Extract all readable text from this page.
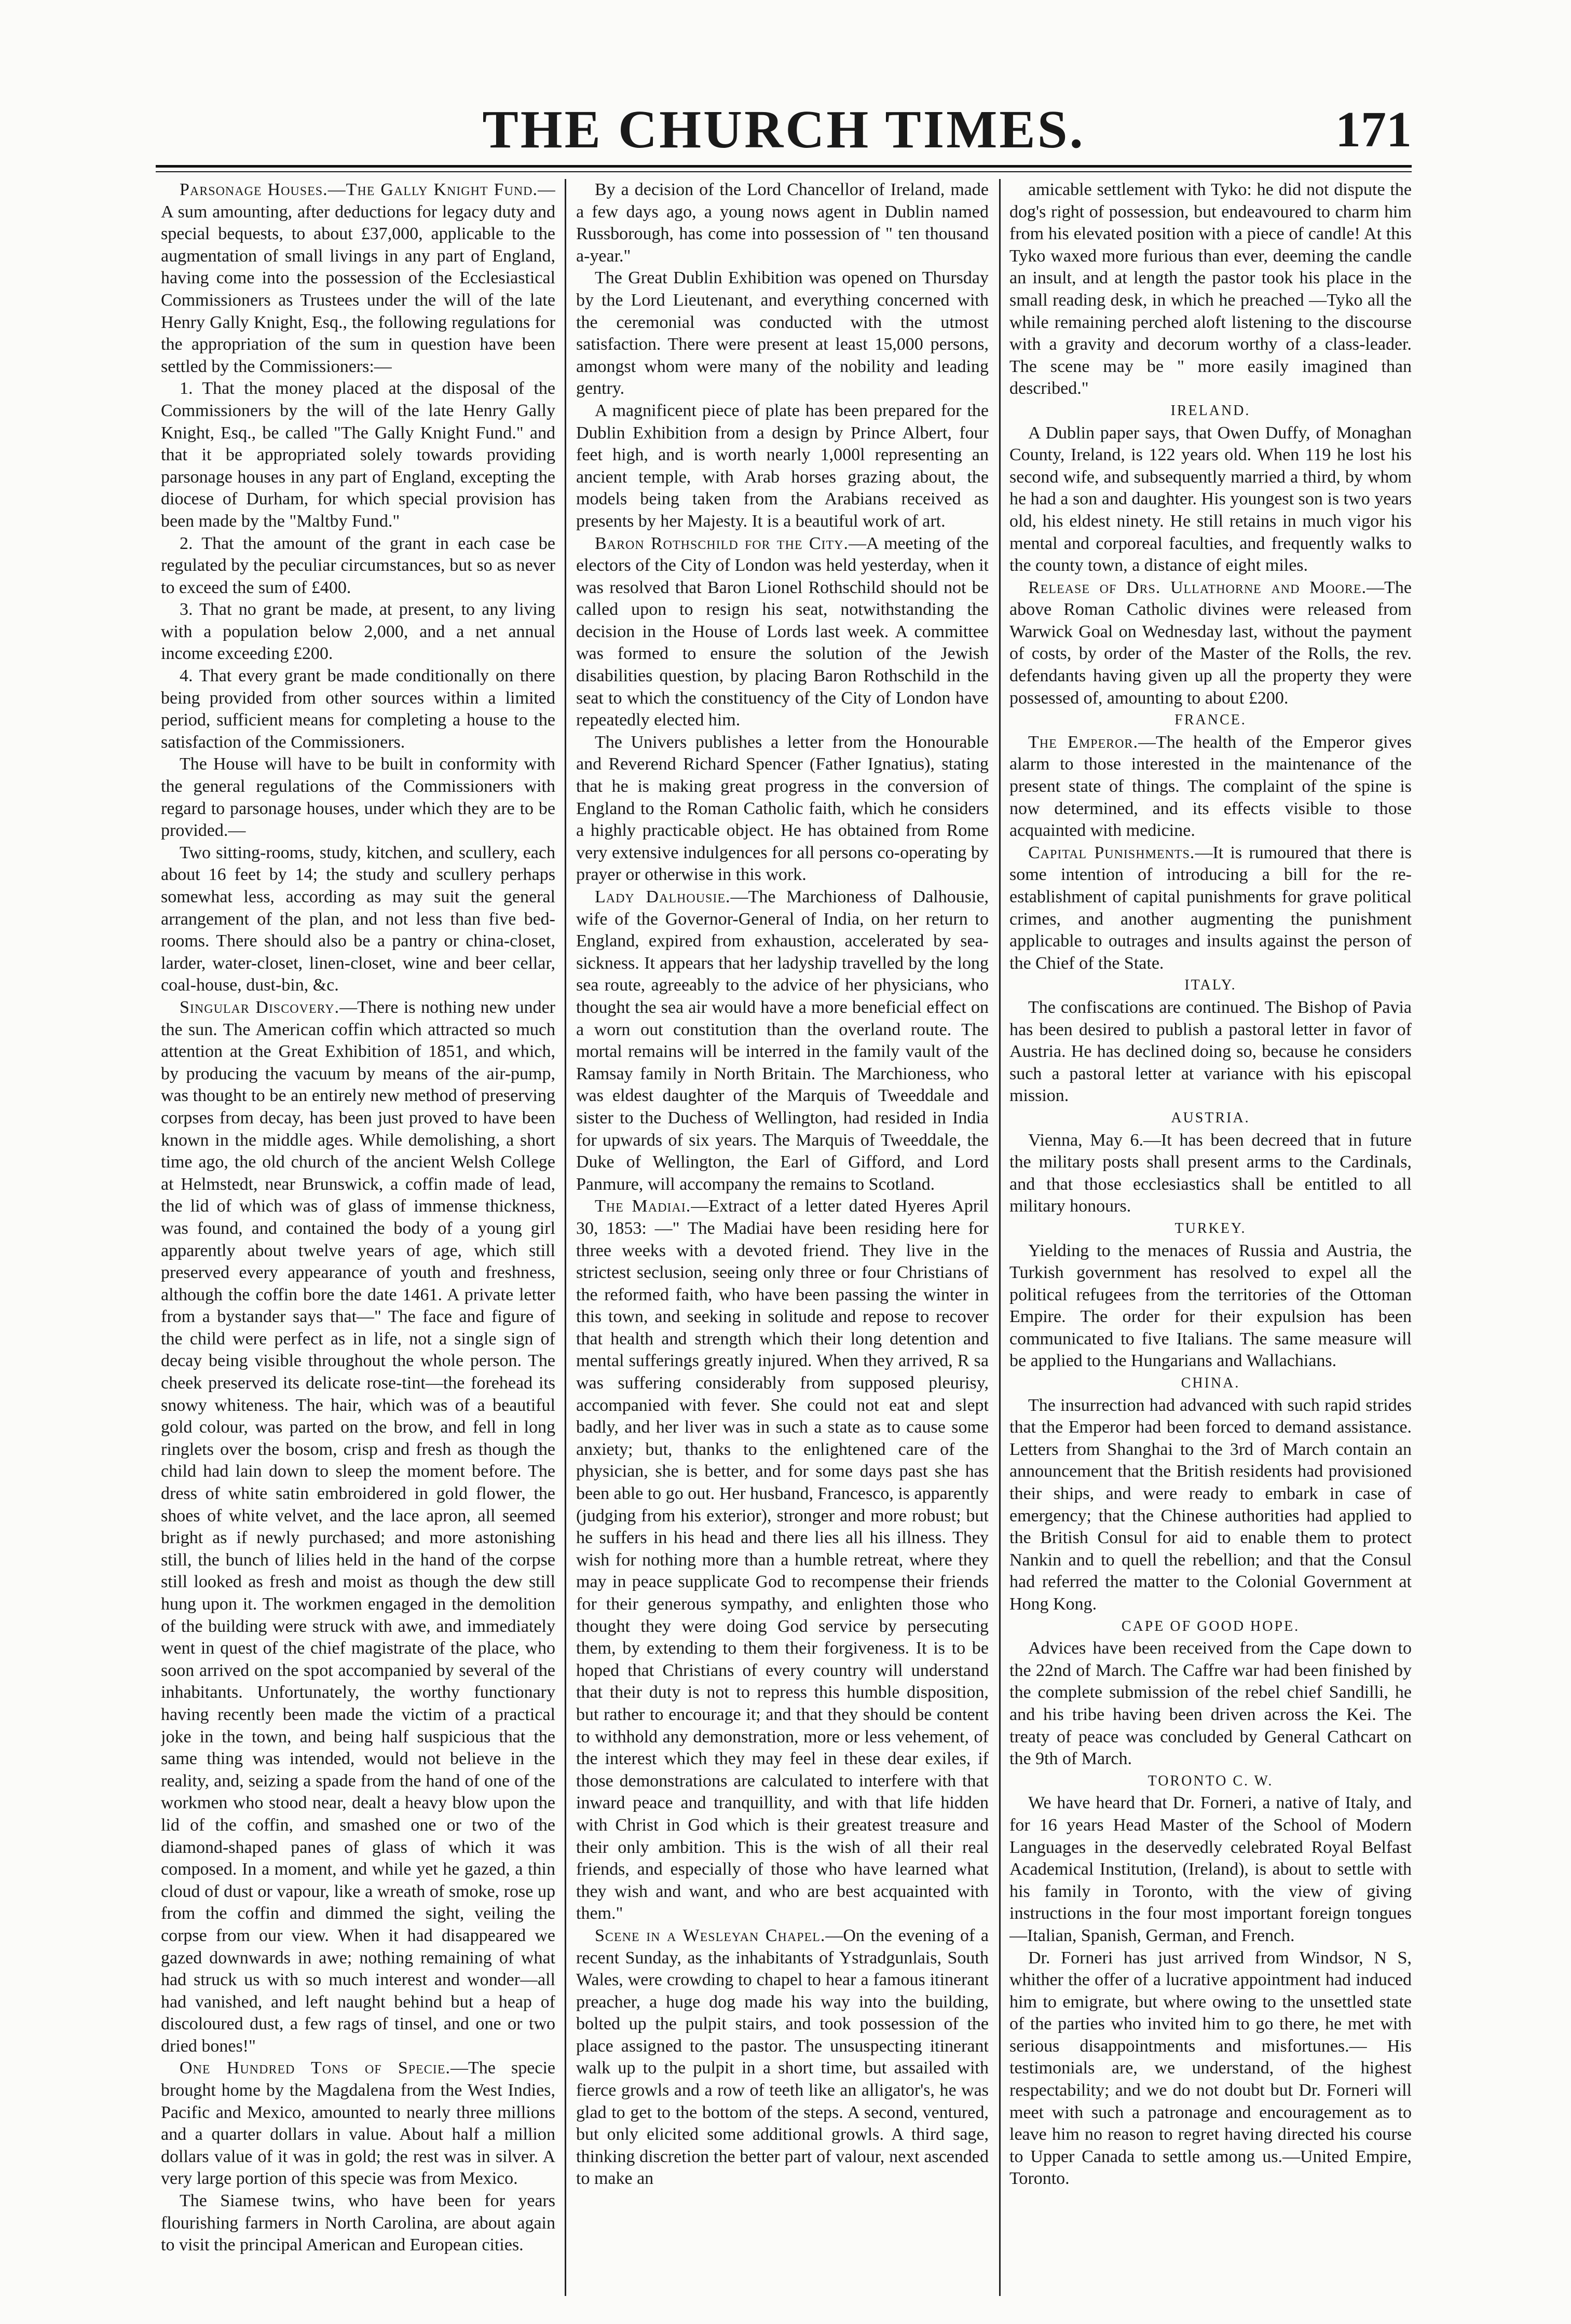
THE CHURCH TIMES.	171

Parsonage Houses.—The Gally Knight Fund.—A sum amounting, after deductions for legacy duty and special bequests, to about £37,000, applicable to the augmentation of small livings in any part of England, having come into the possession of the Ecclesiastical Commissioners as Trustees under the will of the late Henry Gally Knight, Esq., the following regulations for the appropriation of the sum in question have been settled by the Commissioners:—

1. That the money placed at the disposal of the Commissioners by the will of the late Henry Gally Knight, Esq., be called "The Gally Knight Fund." and that it be appropriated solely towards providing parsonage houses in any part of England, excepting the diocese of Durham, for which special provision has been made by the "Maltby Fund."

2. That the amount of the grant in each case be regulated by the peculiar circumstances, but so as never to exceed the sum of £400.

3. That no grant be made, at present, to any living with a population below 2,000, and a net annual income exceeding £200.

4. That every grant be made conditionally on there being provided from other sources within a limited period, sufficient means for completing a house to the satisfaction of the Commissioners.

The House will have to be built in conformity with the general regulations of the Commissioners with regard to parsonage houses, under which they are to be provided.—

Two sitting-rooms, study, kitchen, and scullery, each about 16 feet by 14; the study and scullery perhaps somewhat less, according as may suit the general arrangement of the plan, and not less than five bed-rooms. There should also be a pantry or china-closet, larder, water-closet, linen-closet, wine and beer cellar, coal-house, dust-bin, &c.

Singular Discovery.—There is nothing new under the sun. The American coffin which attracted so much attention at the Great Exhibition of 1851, and which, by producing the vacuum by means of the air-pump, was thought to be an entirely new method of preserving corpses from decay, has been just proved to have been known in the middle ages. While demolishing, a short time ago, the old church of the ancient Welsh College at Helmstedt, near Brunswick, a coffin made of lead, the lid of which was of glass of immense thickness, was found, and contained the body of a young girl apparently about twelve years of age, which still preserved every appearance of youth and freshness, although the coffin bore the date 1461. A private letter from a bystander says that—" The face and figure of the child were perfect as in life, not a single sign of decay being visible throughout the whole person. The cheek preserved its delicate rose-tint—the forehead its snowy whiteness. The hair, which was of a beautiful gold colour, was parted on the brow, and fell in long ringlets over the bosom, crisp and fresh as though the child had lain down to sleep the moment before. The dress of white satin embroidered in gold flower, the shoes of white velvet, and the lace apron, all seemed bright as if newly purchased; and more astonishing still, the bunch of lilies held in the hand of the corpse still looked as fresh and moist as though the dew still hung upon it. The workmen engaged in the demolition of the building were struck with awe, and immediately went in quest of the chief magistrate of the place, who soon arrived on the spot accompanied by several of the inhabitants. Unfortunately, the worthy functionary having recently been made the victim of a practical joke in the town, and being half suspicious that the same thing was intended, would not believe in the reality, and, seizing a spade from the hand of one of the workmen who stood near, dealt a heavy blow upon the lid of the coffin, and smashed one or two of the diamond-shaped panes of glass of which it was composed. In a moment, and while yet he gazed, a thin cloud of dust or vapour, like a wreath of smoke, rose up from the coffin and dimmed the sight, veiling the corpse from our view. When it had disappeared we gazed downwards in awe; nothing remaining of what had struck us with so much interest and wonder—all had vanished, and left naught behind but a heap of discoloured dust, a few rags of tinsel, and one or two dried bones!"

One Hundred Tons of Specie.—The specie brought home by the Magdalena from the West Indies, Pacific and Mexico, amounted to nearly three millions and a quarter dollars in value. About half a million dollars value of it was in gold; the rest was in silver. A very large portion of this specie was from Mexico.

The Siamese twins, who have been for years flourishing farmers in North Carolina, are about again to visit the principal American and European cities.

By a decision of the Lord Chancellor of Ireland, made a few days ago, a young nows agent in Dublin named Russborough, has come into possession of " ten thousand a-year."

The Great Dublin Exhibition was opened on Thursday by the Lord Lieutenant, and everything concerned with the ceremonial was conducted with the utmost satisfaction. There were present at least 15,000 persons, amongst whom were many of the nobility and leading gentry.

A magnificent piece of plate has been prepared for the Dublin Exhibition from a design by Prince Albert, four feet high, and is worth nearly 1,000l representing an ancient temple, with Arab horses grazing about, the models being taken from the Arabians received as presents by her Majesty. It is a beautiful work of art.

Baron Rothschild for the City.—A meeting of the electors of the City of London was held yesterday, when it was resolved that Baron Lionel Rothschild should not be called upon to resign his seat, notwithstanding the decision in the House of Lords last week. A committee was formed to ensure the solution of the Jewish disabilities question, by placing Baron Rothschild in the seat to which the constituency of the City of London have repeatedly elected him.

The Univers publishes a letter from the Honourable and Reverend Richard Spencer (Father Ignatius), stating that he is making great progress in the conversion of England to the Roman Catholic faith, which he considers a highly practicable object. He has obtained from Rome very extensive indulgences for all persons co-operating by prayer or otherwise in this work.

Lady Dalhousie.—The Marchioness of Dalhousie, wife of the Governor-General of India, on her return to England, expired from exhaustion, accelerated by sea-sickness. It appears that her ladyship travelled by the long sea route, agreeably to the advice of her physicians, who thought the sea air would have a more beneficial effect on a worn out constitution than the overland route. The mortal remains will be interred in the family vault of the Ramsay family in North Britain. The Marchioness, who was eldest daughter of the Marquis of Tweeddale and sister to the Duchess of Wellington, had resided in India for upwards of six years. The Marquis of Tweeddale, the Duke of Wellington, the Earl of Gifford, and Lord Panmure, will accompany the remains to Scotland.

The Madiai.—Extract of a letter dated Hyeres April 30, 1853: —" The Madiai have been residing here for three weeks with a devoted friend. They live in the strictest seclusion, seeing only three or four Christians of the reformed faith, who have been passing the winter in this town, and seeking in solitude and repose to recover that health and strength which their long detention and mental sufferings greatly injured. When they arrived, R sa was suffering considerably from supposed pleurisy, accompanied with fever. She could not eat and slept badly, and her liver was in such a state as to cause some anxiety; but, thanks to the enlightened care of the physician, she is better, and for some days past she has been able to go out. Her husband, Francesco, is apparently (judging from his exterior), stronger and more robust; but he suffers in his head and there lies all his illness. They wish for nothing more than a humble retreat, where they may in peace supplicate God to recompense their friends for their generous sympathy, and enlighten those who thought they were doing God service by persecuting them, by extending to them their forgiveness. It is to be hoped that Christians of every country will understand that their duty is not to repress this humble disposition, but rather to encourage it; and that they should be content to withhold any demonstration, more or less vehement, of the interest which they may feel in these dear exiles, if those demonstrations are calculated to interfere with that inward peace and tranquillity, and with that life hidden with Christ in God which is their greatest treasure and their only ambition. This is the wish of all their real friends, and especially of those who have learned what they wish and want, and who are best acquainted with them."

Scene in a Wesleyan Chapel.—On the evening of a recent Sunday, as the inhabitants of Ystradgunlais, South Wales, were crowding to chapel to hear a famous itinerant preacher, a huge dog made his way into the building, bolted up the pulpit stairs, and took possession of the place assigned to the pastor. The unsuspecting itinerant walk up to the pulpit in a short time, but assailed with fierce growls and a row of teeth like an alligator's, he was glad to get to the bottom of the steps. A second, ventured, but only elicited some additional growls. A third sage, thinking discretion the better part of valour, next ascended to make an

amicable settlement with Tyko: he did not dispute the dog's right of possession, but endeavoured to charm him from his elevated position with a piece of candle! At this Tyko waxed more furious than ever, deeming the candle an insult, and at length the pastor took his place in the small reading desk, in which he preached —Tyko all the while remaining perched aloft listening to the discourse with a gravity and decorum worthy of a class-leader. The scene may be " more easily imagined than described."

IRELAND.

A Dublin paper says, that Owen Duffy, of Monaghan County, Ireland, is 122 years old. When 119 he lost his second wife, and subsequently married a third, by whom he had a son and daughter. His youngest son is two years old, his eldest ninety. He still retains in much vigor his mental and corporeal faculties, and frequently walks to the county town, a distance of eight miles.

Release of Drs. Ullathorne and Moore.—The above Roman Catholic divines were released from Warwick Goal on Wednesday last, without the payment of costs, by order of the Master of the Rolls, the rev. defendants having given up all the property they were possessed of, amounting to about £200.

FRANCE.

The Emperor.—The health of the Emperor gives alarm to those interested in the maintenance of the present state of things. The complaint of the spine is now determined, and its effects visible to those acquainted with medicine.

Capital Punishments.—It is rumoured that there is some intention of introducing a bill for the re-establishment of capital punishments for grave political crimes, and another augmenting the punishment applicable to outrages and insults against the person of the Chief of the State.

ITALY.

The confiscations are continued. The Bishop of Pavia has been desired to publish a pastoral letter in favor of Austria. He has declined doing so, because he considers such a pastoral letter at variance with his episcopal mission.

AUSTRIA.

Vienna, May 6.—It has been decreed that in future the military posts shall present arms to the Cardinals, and that those ecclesiastics shall be entitled to all military honours.

TURKEY.

Yielding to the menaces of Russia and Austria, the Turkish government has resolved to expel all the political refugees from the territories of the Ottoman Empire. The order for their expulsion has been communicated to five Italians. The same measure will be applied to the Hungarians and Wallachians.

CHINA.

The insurrection had advanced with such rapid strides that the Emperor had been forced to demand assistance. Letters from Shanghai to the 3rd of March contain an announcement that the British residents had provisioned their ships, and were ready to embark in case of emergency; that the Chinese authorities had applied to the British Consul for aid to enable them to protect Nankin and to quell the rebellion; and that the Consul had referred the matter to the Colonial Government at Hong Kong.

CAPE OF GOOD HOPE.

Advices have been received from the Cape down to the 22nd of March. The Caffre war had been finished by the complete submission of the rebel chief Sandilli, he and his tribe having been driven across the Kei. The treaty of peace was concluded by General Cathcart on the 9th of March.

TORONTO C. W.

We have heard that Dr. Forneri, a native of Italy, and for 16 years Head Master of the School of Modern Languages in the deservedly celebrated Royal Belfast Academical Institution, (Ireland), is about to settle with his family in Toronto, with the view of giving instructions in the four most important foreign tongues—Italian, Spanish, German, and French.

Dr. Forneri has just arrived from Windsor, N S, whither the offer of a lucrative appointment had induced him to emigrate, but where owing to the unsettled state of the parties who invited him to go there, he met with serious disappointments and misfortunes.— His testimonials are, we understand, of the highest respectability; and we do not doubt but Dr. Forneri will meet with such a patronage and encouragement as to leave him no reason to regret having directed his course to Upper Canada to settle among us.—United Empire, Toronto.
